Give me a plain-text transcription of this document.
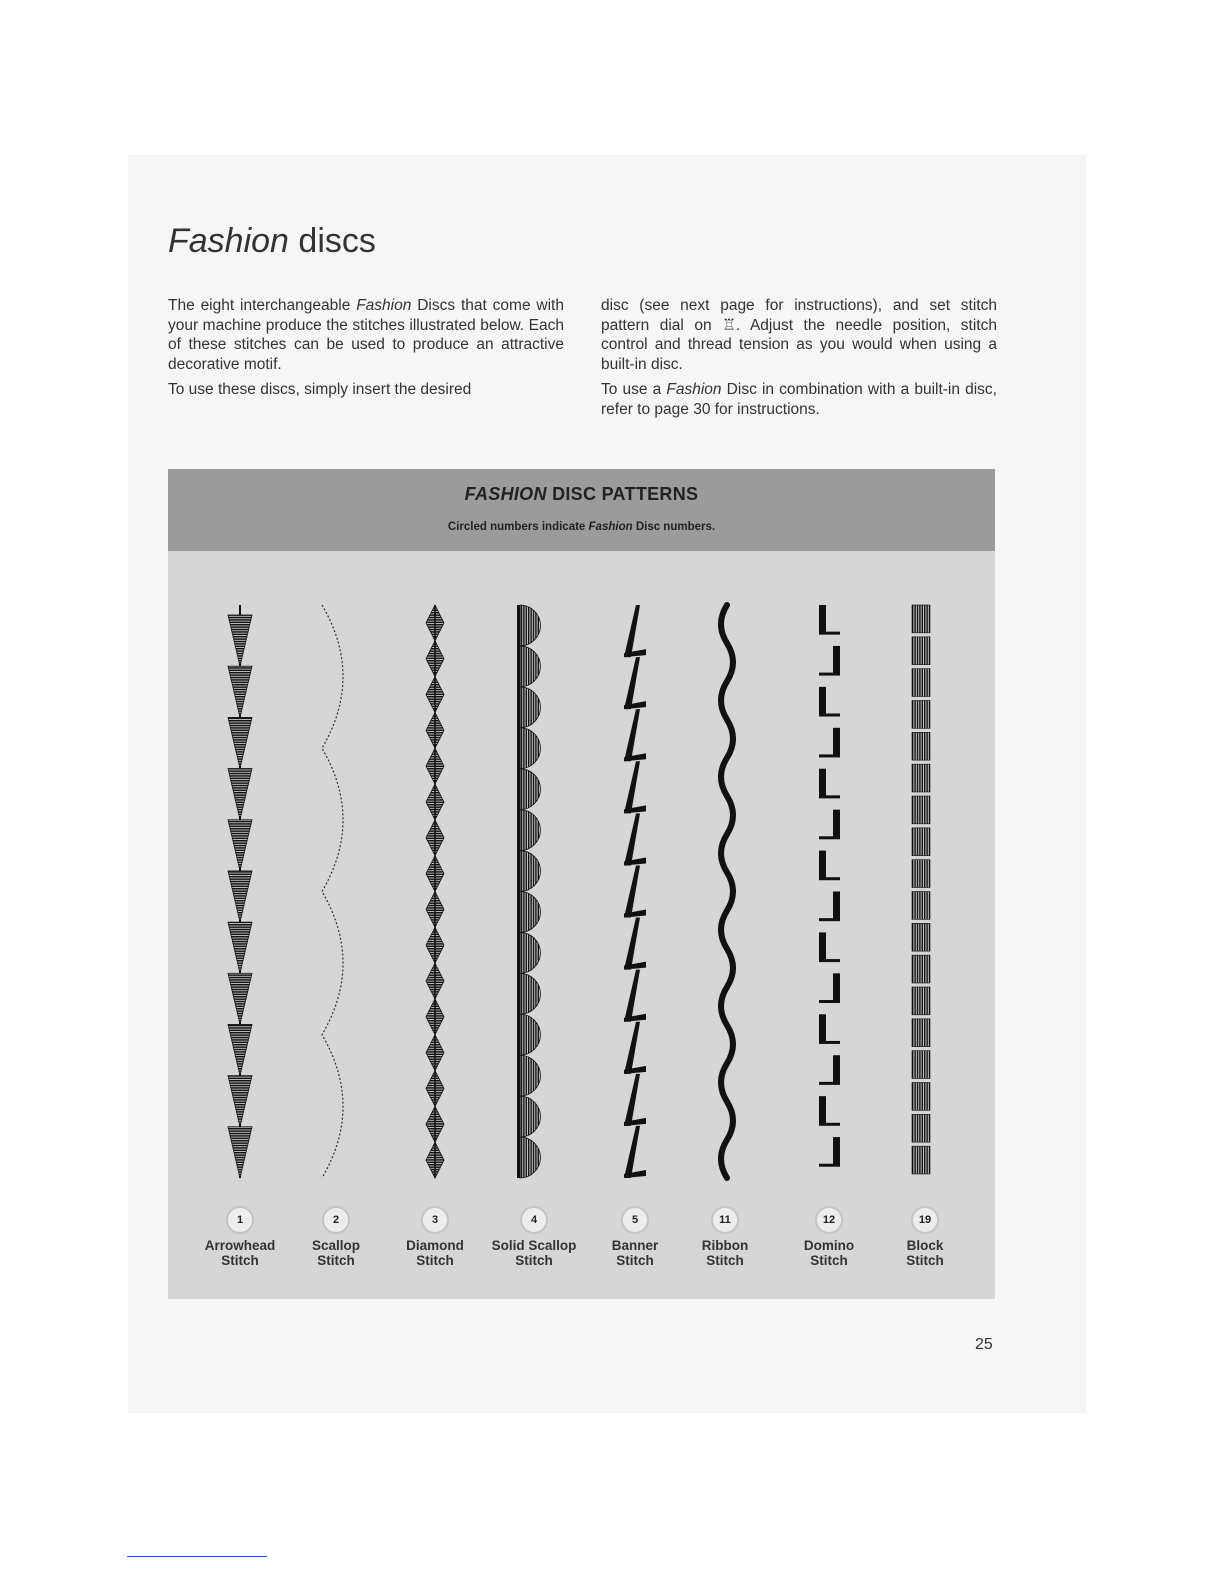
Fashion discs

The eight interchangeable Fashion Discs that come with your machine produce the stitches illustrated below. Each of these stitches can be used to produce an attractive decorative motif.

To use these discs, simply insert the desired

disc (see next page for instructions), and set stitch pattern dial on ♖. Adjust the needle position, stitch control and thread tension as you would when using a built-in disc.

To use a Fashion Disc in combination with a built-in disc, refer to page 30 for instructions.

FASHION DISC PATTERNS
Circled numbers indicate Fashion Disc numbers.
1
Arrowhead
Stitch
2
Scallop
Stitch
3
Diamond
Stitch
4
Solid Scallop
Stitch
5
Banner
Stitch
11
Ribbon
Stitch
12
Domino
Stitch
19
Block
Stitch
25
